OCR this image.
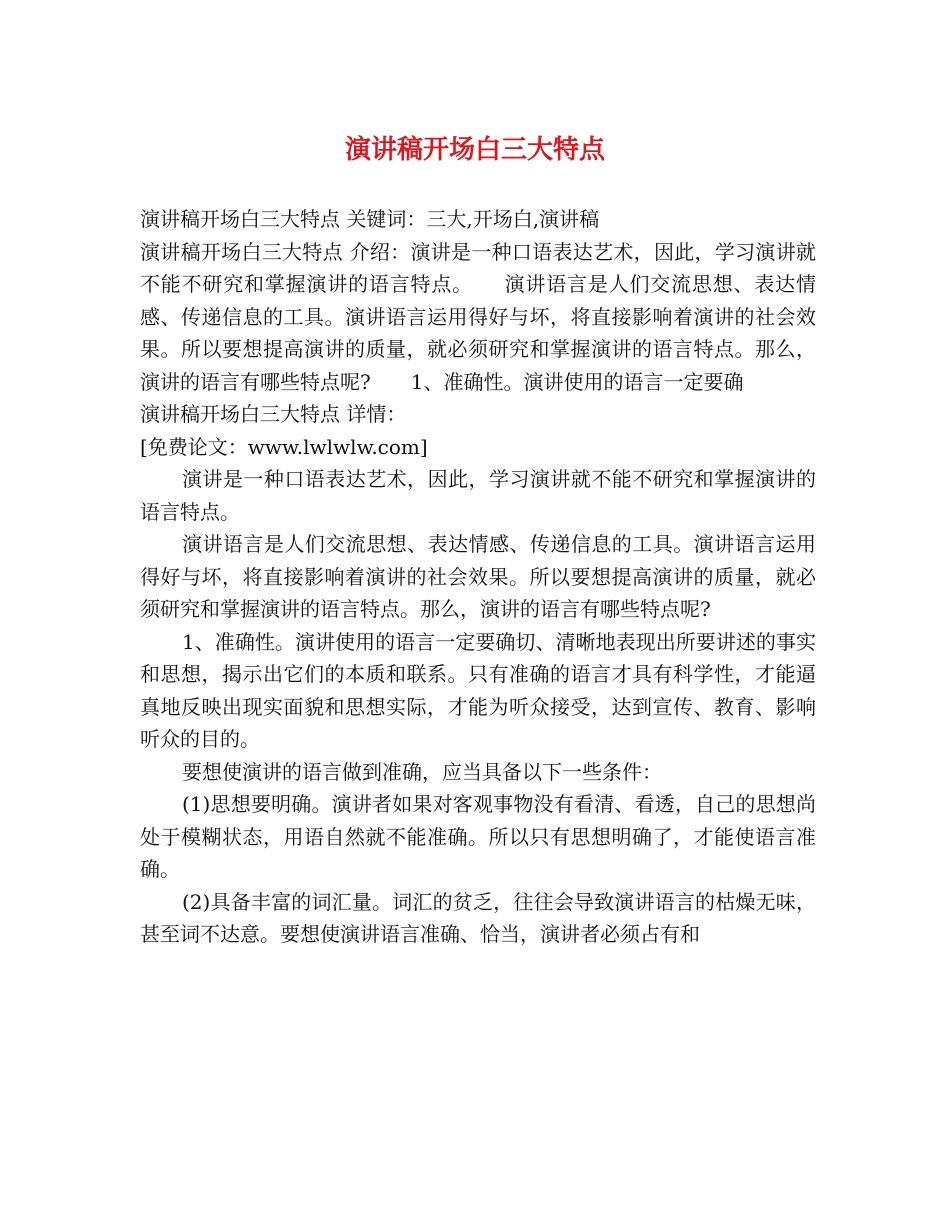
演讲稿开场白三大特点

演讲稿开场白三大特点 关键词：三大,开场白,演讲稿

演讲稿开场白三大特点 介绍：演讲是一种口语表达艺术，因此，学习演讲就不能不研究和掌握演讲的语言特点。　　演讲语言是人们交流思想、表达情感、传递信息的工具。演讲语言运用得好与坏，将直接影响着演讲的社会效果。所以要想提高演讲的质量，就必须研究和掌握演讲的语言特点。那么，演讲的语言有哪些特点呢?　　1、准确性。演讲使用的语言一定要确

演讲稿开场白三大特点 详情：

[免费论文：www.lwlwlw.com]

演讲是一种口语表达艺术，因此，学习演讲就不能不研究和掌握演讲的语言特点。

演讲语言是人们交流思想、表达情感、传递信息的工具。演讲语言运用得好与坏，将直接影响着演讲的社会效果。所以要想提高演讲的质量，就必须研究和掌握演讲的语言特点。那么，演讲的语言有哪些特点呢?

1、准确性。演讲使用的语言一定要确切、清晰地表现出所要讲述的事实和思想，揭示出它们的本质和联系。只有准确的语言才具有科学性，才能逼真地反映出现实面貌和思想实际，才能为听众接受，达到宣传、教育、影响听众的目的。

要想使演讲的语言做到准确，应当具备以下一些条件：

(1)思想要明确。演讲者如果对客观事物没有看清、看透，自己的思想尚处于模糊状态，用语自然就不能准确。所以只有思想明确了，才能使语言准确。

(2)具备丰富的词汇量。词汇的贫乏，往往会导致演讲语言的枯燥无味，甚至词不达意。要想使演讲语言准确、恰当，演讲者必须占有和
